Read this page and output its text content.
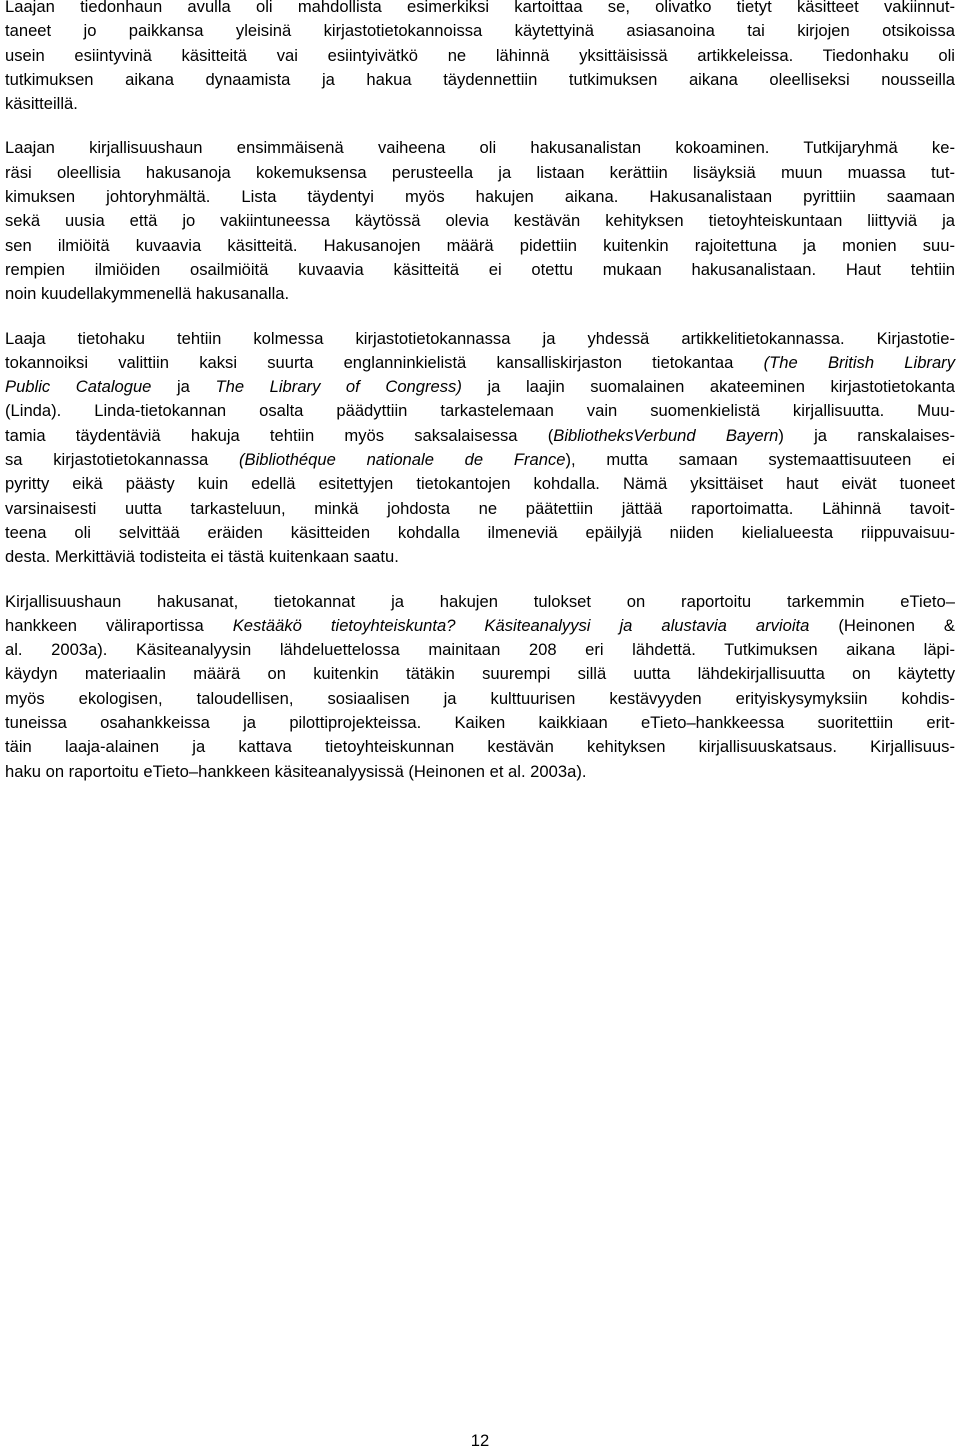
Laajan tiedonhaun avulla oli mahdollista esimerkiksi kartoittaa se, olivatko tietyt käsitteet vakiinnut-
taneet jo paikkansa yleisinä kirjastotietokannoissa käytettyinä asiasanoina tai kirjojen otsikoissa
usein esiintyvinä käsitteitä vai esiintyivätkö ne lähinnä yksittäisissä artikkeleissa. Tiedonhaku oli
tutkimuksen aikana dynaamista ja hakua täydennettiin tutkimuksen aikana oleelliseksi nousseilla
käsitteillä.

Laajan kirjallisuushaun ensimmäisenä vaiheena oli hakusanalistan kokoaminen. Tutkijaryhmä ke-
räsi oleellisia hakusanoja kokemuksensa perusteella ja listaan kerättiin lisäyksiä muun muassa tut-
kimuksen johtoryhmältä. Lista täydentyi myös hakujen aikana. Hakusanalistaan pyrittiin saamaan
sekä uusia että jo vakiintuneessa käytössä olevia kestävän kehityksen tietoyhteiskuntaan liittyviä ja
sen ilmiöitä kuvaavia käsitteitä. Hakusanojen määrä pidettiin kuitenkin rajoitettuna ja monien suu-
rempien ilmiöiden osailmiöitä kuvaavia käsitteitä ei otettu mukaan hakusanalistaan. Haut tehtiin
noin kuudellakymmenellä hakusanalla.

Laaja tietohaku tehtiin kolmessa kirjastotietokannassa ja yhdessä artikkelitietokannassa. Kirjastotie-
tokannoiksi valittiin kaksi suurta englanninkielistä kansalliskirjaston tietokantaa (The British Library
Public Catalogue ja The Library of Congress) ja laajin suomalainen akateeminen kirjastotietokanta
(Linda). Linda-tietokannan osalta päädyttiin tarkastelemaan vain suomenkielistä kirjallisuutta. Muu-
tamia täydentäviä hakuja tehtiin myös saksalaisessa (BibliotheksVerbund Bayern) ja ranskalaises-
sa kirjastotietokannassa (Bibliothéque nationale de France), mutta samaan systemaattisuuteen ei
pyritty eikä päästy kuin edellä esitettyjen tietokantojen kohdalla. Nämä yksittäiset haut eivät tuoneet
varsinaisesti uutta tarkasteluun, minkä johdosta ne päätettiin jättää raportoimatta. Lähinnä tavoit-
teena oli selvittää eräiden käsitteiden kohdalla ilmeneviä epäilyjä niiden kielialueesta riippuvaisuu-
desta. Merkittäviä todisteita ei tästä kuitenkaan saatu.

Kirjallisuushaun hakusanat, tietokannat ja hakujen tulokset on raportoitu tarkemmin eTieto–
hankkeen väliraportissa Kestääkö tietoyhteiskunta? Käsiteanalyysi ja alustavia arvioita (Heinonen &
al. 2003a). Käsiteanalyysin lähdeluettelossa mainitaan 208 eri lähdettä. Tutkimuksen aikana läpi-
käydyn materiaalin määrä on kuitenkin tätäkin suurempi sillä uutta lähdekirjallisuutta on käytetty
myös ekologisen, taloudellisen, sosiaalisen ja kulttuurisen kestävyyden erityiskysymyksiin kohdis-
tuneissa osahankkeissa ja pilottiprojekteissa. Kaiken kaikkiaan eTieto–hankkeessa suoritettiin erit-
täin laaja-alainen ja kattava tietoyhteiskunnan kestävän kehityksen kirjallisuuskatsaus. Kirjallisuus-
haku on raportoitu eTieto–hankkeen käsiteanalyysissä (Heinonen et al. 2003a).

12
